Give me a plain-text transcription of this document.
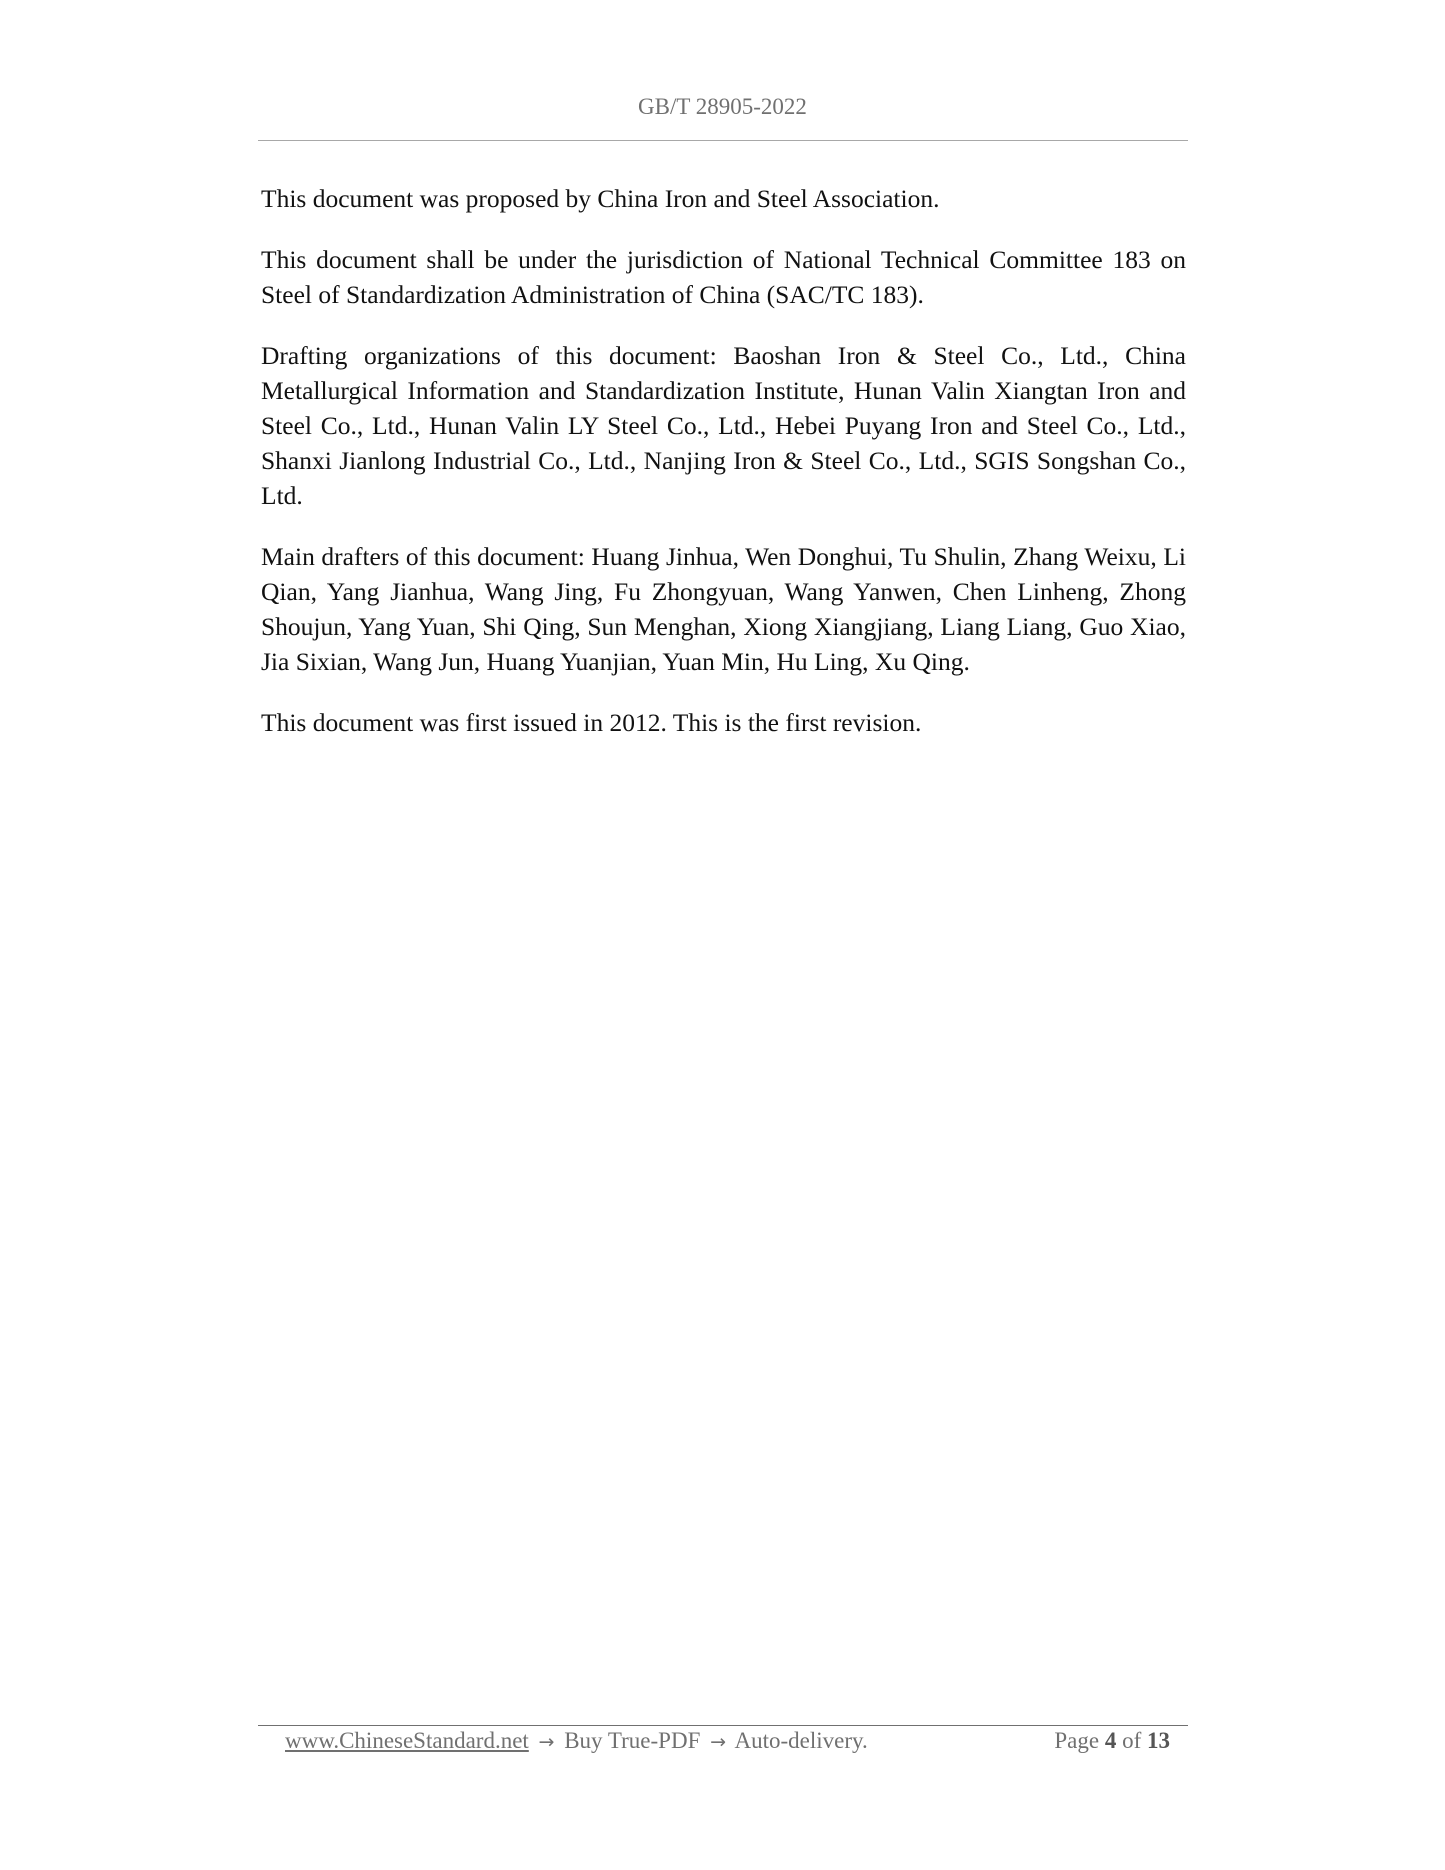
GB/T 28905-2022

This document was proposed by China Iron and Steel Association.

This document shall be under the jurisdiction of National Technical Committee 183 on Steel of Standardization Administration of China (SAC/TC 183).

Drafting organizations of this document: Baoshan Iron & Steel Co., Ltd., China Metallurgical Information and Standardization Institute, Hunan Valin Xiangtan Iron and Steel Co., Ltd., Hunan Valin LY Steel Co., Ltd., Hebei Puyang Iron and Steel Co., Ltd., Shanxi Jianlong Industrial Co., Ltd., Nanjing Iron & Steel Co., Ltd., SGIS Songshan Co., Ltd.

Main drafters of this document: Huang Jinhua, Wen Donghui, Tu Shulin, Zhang Weixu, Li Qian, Yang Jianhua, Wang Jing, Fu Zhongyuan, Wang Yanwen, Chen Linheng, Zhong Shoujun, Yang Yuan, Shi Qing, Sun Menghan, Xiong Xiangjiang, Liang Liang, Guo Xiao, Jia Sixian, Wang Jun, Huang Yuanjian, Yuan Min, Hu Ling, Xu Qing.

This document was first issued in 2012. This is the first revision.

www.ChineseStandard.net → Buy True-PDF → Auto-delivery.	Page 4 of 13
